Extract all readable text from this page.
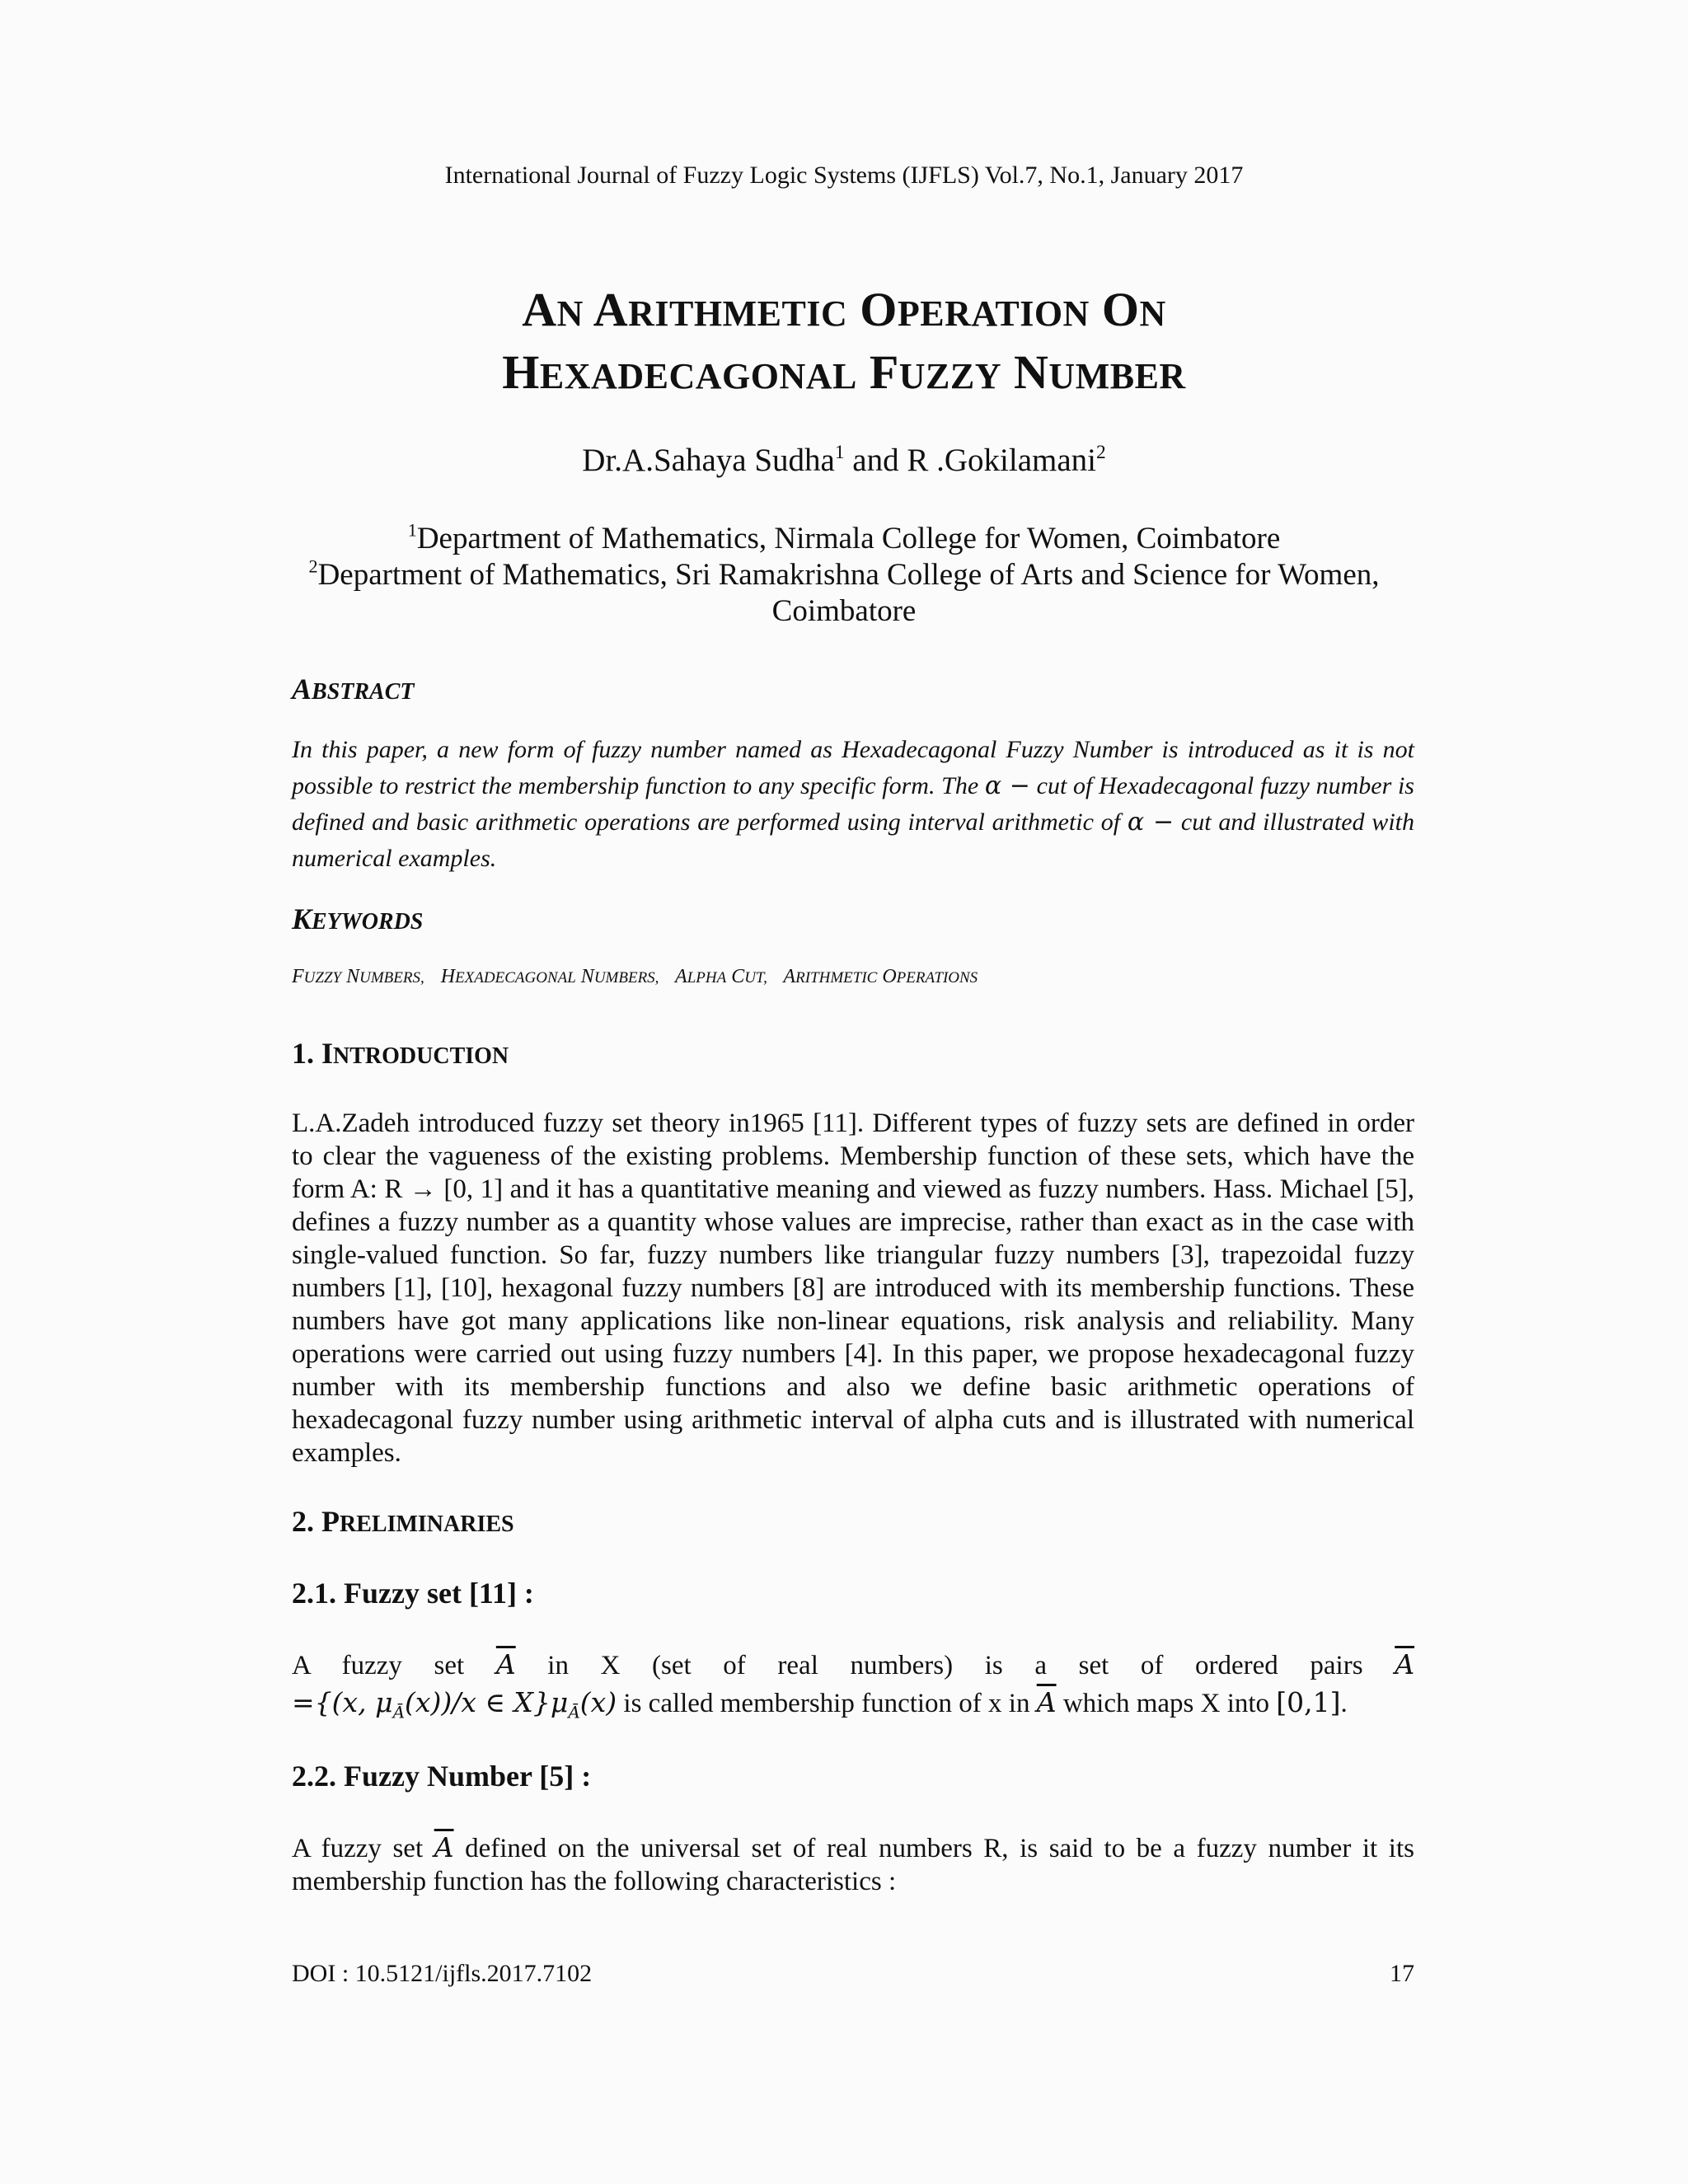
International Journal of Fuzzy Logic Systems (IJFLS) Vol.7, No.1, January 2017
AN ARITHMETIC OPERATION ON
HEXADECAGONAL FUZZY NUMBER
Dr.A.Sahaya Sudha$^1$ and R .Gokilamani$^2$
$^1$Department of Mathematics, Nirmala College for Women, Coimbatore
$^2$Department of Mathematics, Sri Ramakrishna College of Arts and Science for Women,
Coimbatore
ABSTRACT
In this paper, a new form of fuzzy number named as Hexadecagonal Fuzzy Number is introduced as it is not possible to restrict the membership function to any specific form. The α − cut of Hexadecagonal fuzzy number is defined and basic arithmetic operations are performed using interval arithmetic of α − cut and illustrated with numerical examples.
KEYWORDS
FUZZY NUMBERS, HEXADECAGONAL NUMBERS, ALPHA CUT, ARITHMETIC OPERATIONS
1. INTRODUCTION
L.A.Zadeh introduced fuzzy set theory in1965 [11]. Different types of fuzzy sets are defined in order to clear the vagueness of the existing problems. Membership function of these sets, which have the form A: R → [0, 1] and it has a quantitative meaning and viewed as fuzzy numbers. Hass. Michael [5], defines a fuzzy number as a quantity whose values are imprecise, rather than exact as in the case with single-valued function. So far, fuzzy numbers like triangular fuzzy numbers [3], trapezoidal fuzzy numbers [1], [10], hexagonal fuzzy numbers [8] are introduced with its membership functions. These numbers have got many applications like non-linear equations, risk analysis and reliability. Many operations were carried out using fuzzy numbers [4]. In this paper, we propose hexadecagonal fuzzy number with its membership functions and also we define basic arithmetic operations of hexadecagonal fuzzy number using arithmetic interval of alpha cuts and is illustrated with numerical examples.
2. PRELIMINARIES
2.1. Fuzzy set [11] :
A fuzzy set $\overline{A}$ in X (set of real numbers) is a set of ordered pairs $\overline{A}$
={(x, $\mu_Ā(x))/x$ ∈ $X\}\mu_Ā(x)$ is called membership function of x in $\overline{A}$ which maps X into [0,1].
2.2. Fuzzy Number [5] :
A fuzzy set $\overline{A}$ defined on the universal set of real numbers R, is said to be a fuzzy number it its membership function has the following characteristics :
DOI : 10.5121/ijfls.2017.7102	17
